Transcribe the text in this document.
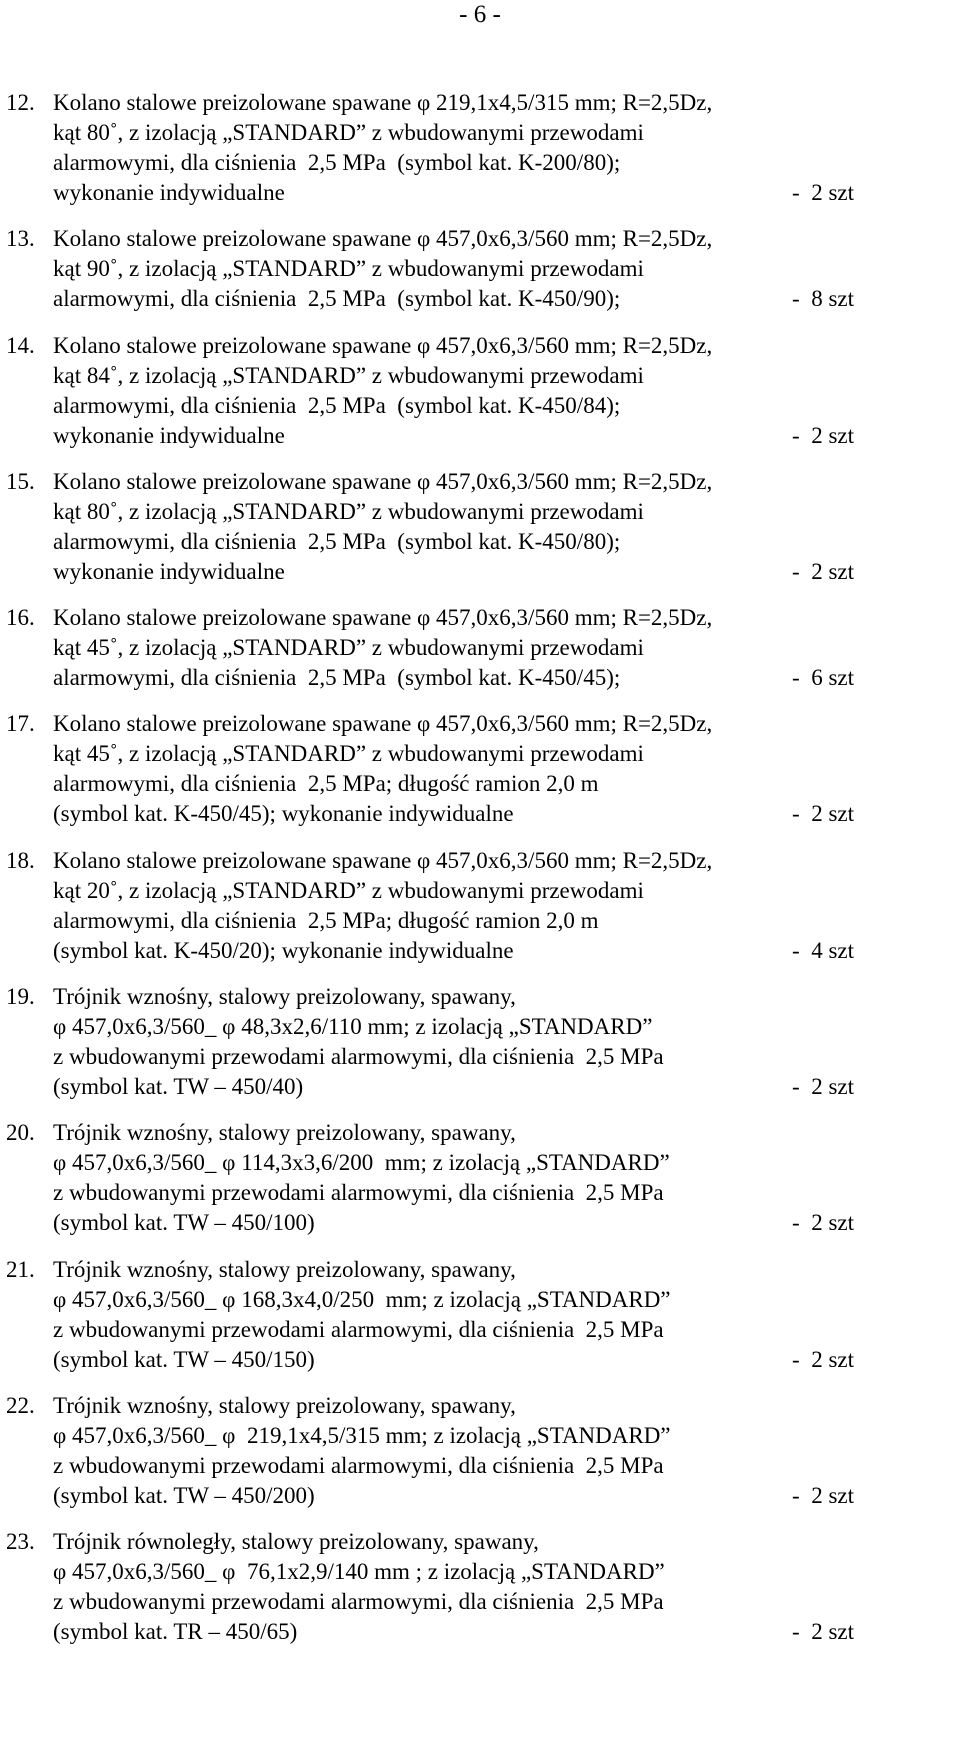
- 6 -
12. Kolano stalowe preizolowane spawane φ 219,1x4,5/315 mm; R=2,5Dz,
kąt 80˚, z izolacją „STANDARD” z wbudowanymi przewodami
alarmowymi, dla ciśnienia  2,5 MPa  (symbol kat. K-200/80);
wykonanie indywidualne	-  2 szt
13. Kolano stalowe preizolowane spawane φ 457,0x6,3/560 mm; R=2,5Dz,
kąt 90˚, z izolacją „STANDARD” z wbudowanymi przewodami
alarmowymi, dla ciśnienia  2,5 MPa  (symbol kat. K-450/90);	-  8 szt
14. Kolano stalowe preizolowane spawane φ 457,0x6,3/560 mm; R=2,5Dz,
kąt 84˚, z izolacją „STANDARD” z wbudowanymi przewodami
alarmowymi, dla ciśnienia  2,5 MPa  (symbol kat. K-450/84);
wykonanie indywidualne	-  2 szt
15. Kolano stalowe preizolowane spawane φ 457,0x6,3/560 mm; R=2,5Dz,
kąt 80˚, z izolacją „STANDARD” z wbudowanymi przewodami
alarmowymi, dla ciśnienia  2,5 MPa  (symbol kat. K-450/80);
wykonanie indywidualne	-  2 szt
16. Kolano stalowe preizolowane spawane φ 457,0x6,3/560 mm; R=2,5Dz,
kąt 45˚, z izolacją „STANDARD” z wbudowanymi przewodami
alarmowymi, dla ciśnienia  2,5 MPa  (symbol kat. K-450/45);	-  6 szt
17. Kolano stalowe preizolowane spawane φ 457,0x6,3/560 mm; R=2,5Dz,
kąt 45˚, z izolacją „STANDARD” z wbudowanymi przewodami
alarmowymi, dla ciśnienia  2,5 MPa; długość ramion 2,0 m
(symbol kat. K-450/45); wykonanie indywidualne	-  2 szt
18. Kolano stalowe preizolowane spawane φ 457,0x6,3/560 mm; R=2,5Dz,
kąt 20˚, z izolacją „STANDARD” z wbudowanymi przewodami
alarmowymi, dla ciśnienia  2,5 MPa; długość ramion 2,0 m
(symbol kat. K-450/20); wykonanie indywidualne	-  4 szt
19. Trójnik wznośny, stalowy preizolowany, spawany,
φ 457,0x6,3/560_ φ 48,3x2,6/110 mm; z izolacją „STANDARD”
z wbudowanymi przewodami alarmowymi, dla ciśnienia  2,5 MPa
(symbol kat. TW – 450/40)	-  2 szt
20. Trójnik wznośny, stalowy preizolowany, spawany,
φ 457,0x6,3/560_ φ 114,3x3,6/200  mm; z izolacją „STANDARD”
z wbudowanymi przewodami alarmowymi, dla ciśnienia  2,5 MPa
(symbol kat. TW – 450/100)	-  2 szt
21. Trójnik wznośny, stalowy preizolowany, spawany,
φ 457,0x6,3/560_ φ 168,3x4,0/250  mm; z izolacją „STANDARD”
z wbudowanymi przewodami alarmowymi, dla ciśnienia  2,5 MPa
(symbol kat. TW – 450/150)	-  2 szt
22. Trójnik wznośny, stalowy preizolowany, spawany,
φ 457,0x6,3/560_ φ  219,1x4,5/315 mm; z izolacją „STANDARD”
z wbudowanymi przewodami alarmowymi, dla ciśnienia  2,5 MPa
(symbol kat. TW – 450/200)	-  2 szt
23. Trójnik równoległy, stalowy preizolowany, spawany,
φ 457,0x6,3/560_ φ  76,1x2,9/140 mm ; z izolacją „STANDARD”
z wbudowanymi przewodami alarmowymi, dla ciśnienia  2,5 MPa
(symbol kat. TR – 450/65)	-  2 szt
